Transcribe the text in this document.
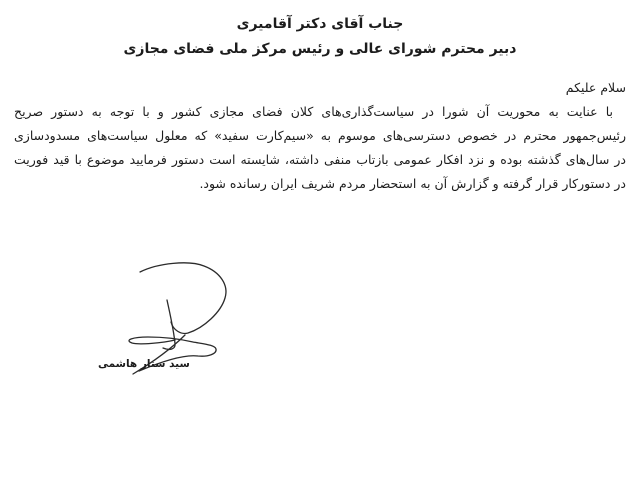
جناب آقای دکتر آقامیری
دبیر محترم شورای عالی و رئیس مرکز ملی فضای مجازی
سلام علیکم
با عنایت به محوریت آن شورا در سیاست‌گذاری‌های کلان فضای مجازی کشور و با توجه به دستور صریح
رئیس‌جمهور محترم در خصوص دسترسی‌های موسوم به «سیم‌کارت سفید» که معلول سیاست‌های مسدودسازی
در سال‌های گذشته بوده و نزد افکار عمومی بازتاب منفی داشته، شایسته است دستور فرمایید موضوع با قید فوریت
در دستورکار قرار گرفته و گزارش آن به استحضار مردم شریف ایران رسانده شود.
سید ستار هاشمی
